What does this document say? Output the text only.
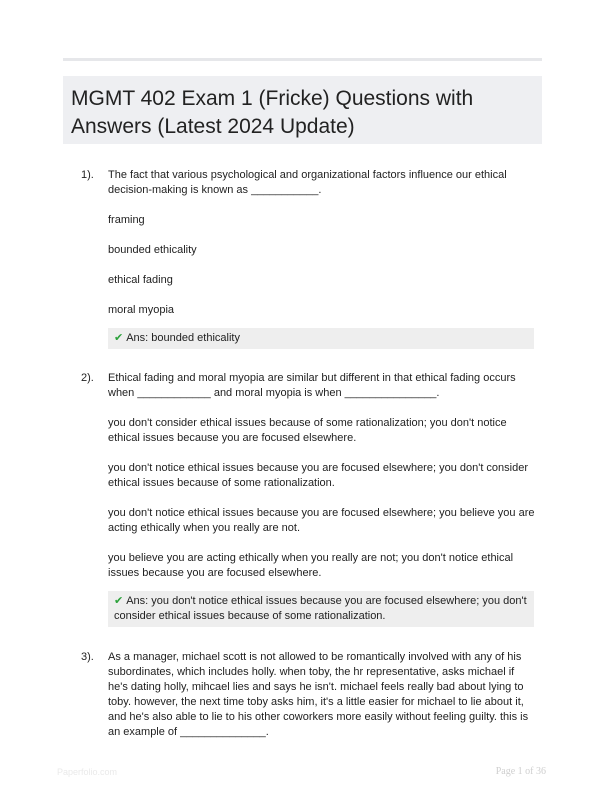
MGMT 402 Exam 1 (Fricke) Questions with Answers (Latest 2024 Update)
1).	The fact that various psychological and organizational factors influence our ethical decision-making is known as ___________.

framing

bounded ethicality

ethical fading

moral myopia

✔ Ans: bounded ethicality
2).	Ethical fading and moral myopia are similar but different in that ethical fading occurs when ____________ and moral myopia is when _______________.

you don't consider ethical issues because of some rationalization; you don't notice ethical issues because you are focused elsewhere.

you don't notice ethical issues because you are focused elsewhere; you don't consider ethical issues because of some rationalization.

you don't notice ethical issues because you are focused elsewhere; you believe you are acting ethically when you really are not.

you believe you are acting ethically when you really are not; you don't notice ethical issues because you are focused elsewhere.

✔ Ans: you don't notice ethical issues because you are focused elsewhere; you don't consider ethical issues because of some rationalization.
3).	As a manager, michael scott is not allowed to be romantically involved with any of his subordinates, which includes holly. when toby, the hr representative, asks michael if he's dating holly, mihcael lies and says he isn't. michael feels really bad about lying to toby. however, the next time toby asks him, it's a little easier for michael to lie about it, and he's also able to lie to his other coworkers more easily without feeling guilty. this is an example of ______________.

Paperfolio.com	Page 1 of 36
